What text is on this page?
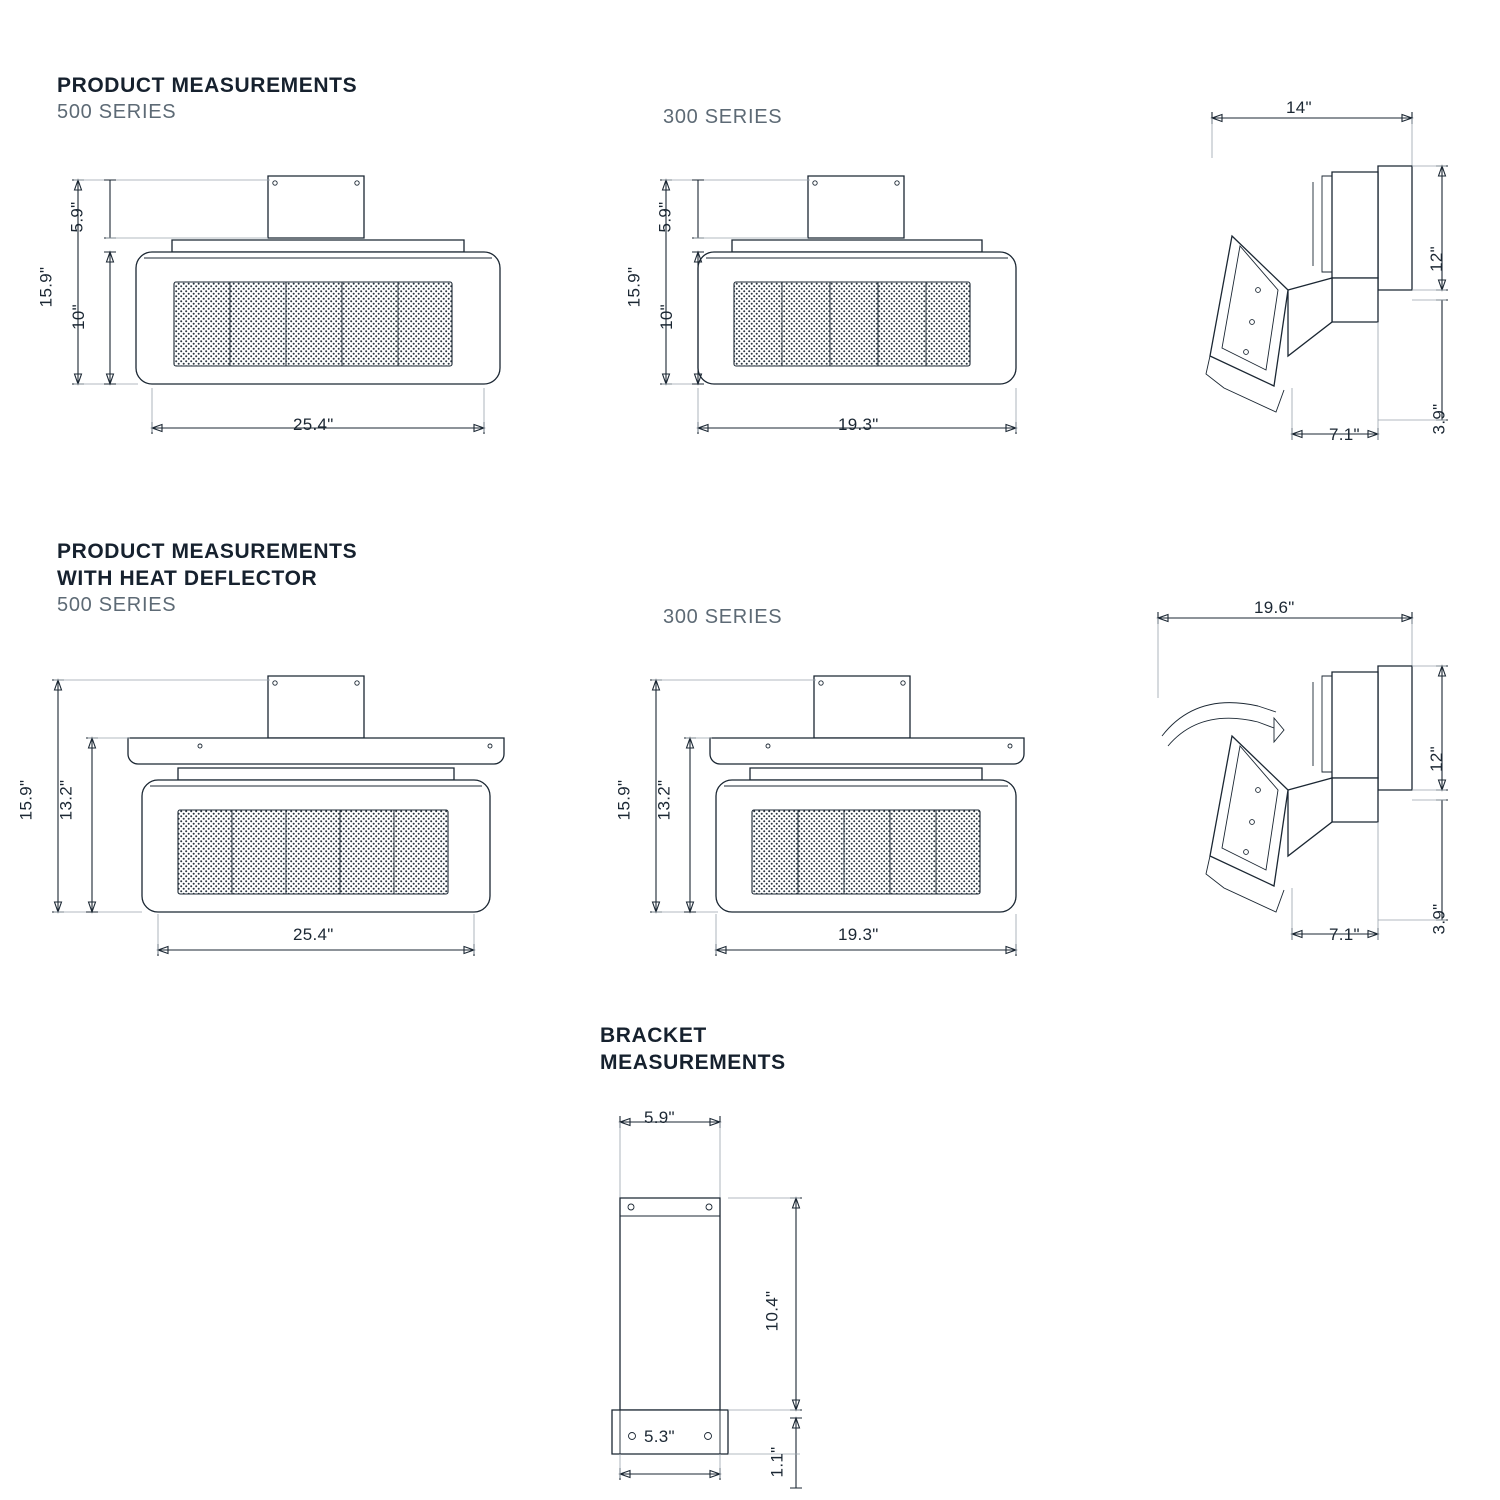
PRODUCT MEASUREMENTS
500 SERIES	300 SERIES
25.4"
15.9"
10"
5.9"
19.3"
15.9"
10"
5.9"
14"
12"
3.9"
7.1"
PRODUCT MEASUREMENTS
WITH HEAT DEFLECTOR
500 SERIES
300 SERIES
25.4"
15.9" 13.2"
19.3"
15.9" 13.2"
19.6"
12"
3.9"
7.1"
BRACKET
MEASUREMENTS
5.9"
5.3"
10.4"
1.1"
